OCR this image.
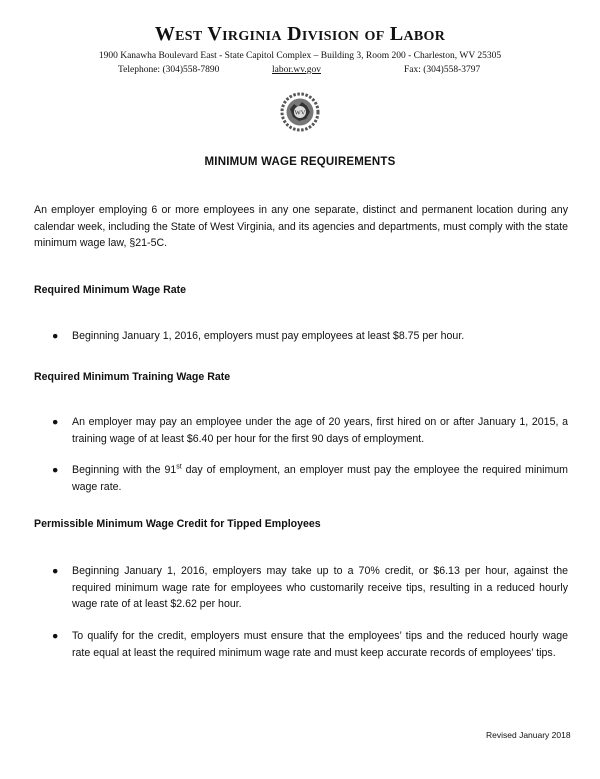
West Virginia Division of Labor
1900 Kanawha Boulevard East - State Capitol Complex – Building 3, Room 200 - Charleston, WV 25305
Telephone: (304)558-7890	labor.wv.gov	Fax: (304)558-3797
WV
MINIMUM WAGE REQUIREMENTS
An employer employing 6 or more employees in any one separate, distinct and permanent location during any calendar week, including the State of West Virginia, and its agencies and departments, must comply with the state minimum wage law, §21-5C.
Required Minimum Wage Rate
●	Beginning January 1, 2016, employers must pay employees at least $8.75 per hour.
Required Minimum Training Wage Rate
●	An employer may pay an employee under the age of 20 years, first hired on or after January 1, 2015, a training wage of at least $6.40 per hour for the first 90 days of employment.
●	Beginning with the 91st day of employment, an employer must pay the employee the required minimum wage rate.
Permissible Minimum Wage Credit for Tipped Employees
●	Beginning January 1, 2016, employers may take up to a 70% credit, or $6.13 per hour, against the required minimum wage rate for employees who customarily receive tips, resulting in a reduced hourly wage rate of at least $2.62 per hour.
●	To qualify for the credit, employers must ensure that the employees’ tips and the reduced hourly wage rate equal at least the required minimum wage rate and must keep accurate records of employees’ tips.
Revised January 2018
